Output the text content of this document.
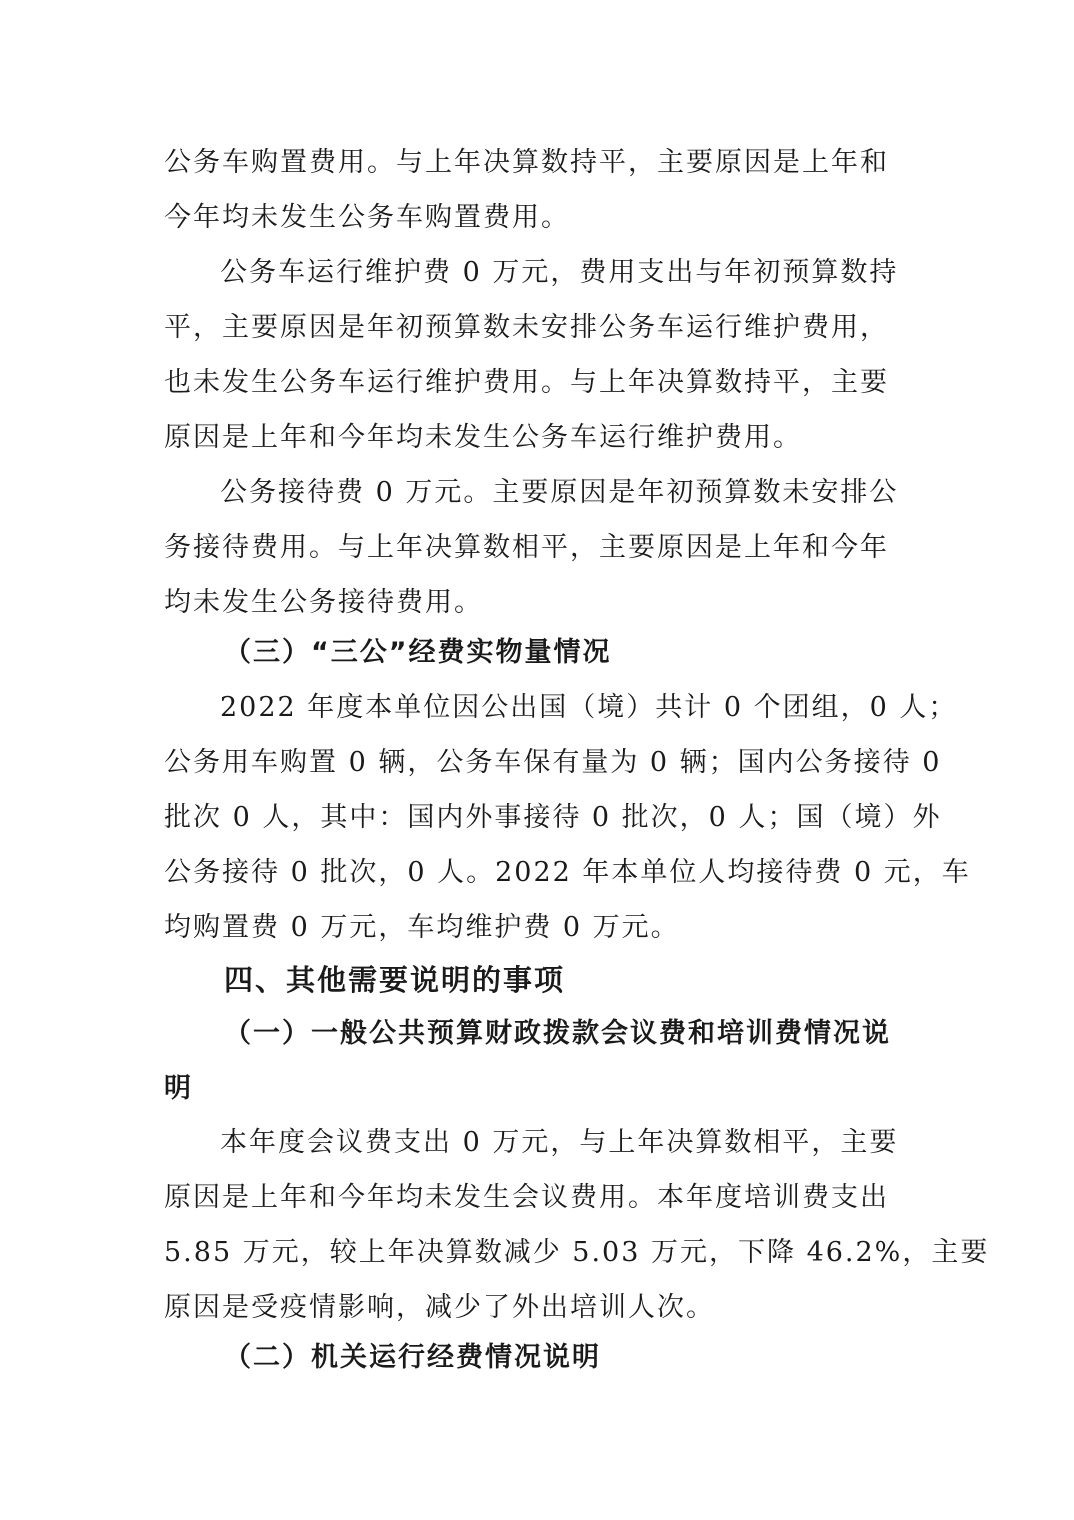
公务车购置费用。与上年决算数持平，主要原因是上年和
今年均未发生公务车购置费用。
公务车运行维护费 0 万元，费用支出与年初预算数持
平，主要原因是年初预算数未安排公务车运行维护费用，
也未发生公务车运行维护费用。与上年决算数持平，主要
原因是上年和今年均未发生公务车运行维护费用。
公务接待费 0 万元。主要原因是年初预算数未安排公
务接待费用。与上年决算数相平，主要原因是上年和今年
均未发生公务接待费用。
（三）“三公”经费实物量情况
2022 年度本单位因公出国（境）共计 0 个团组，0 人；
公务用车购置 0 辆，公务车保有量为 0 辆；国内公务接待 0
批次 0 人，其中：国内外事接待 0 批次，0 人；国（境）外
公务接待 0 批次，0 人。2022 年本单位人均接待费 0 元，车
均购置费 0 万元，车均维护费 0 万元。
四、其他需要说明的事项
（一）一般公共预算财政拨款会议费和培训费情况说
明
本年度会议费支出 0 万元，与上年决算数相平，主要
原因是上年和今年均未发生会议费用。本年度培训费支出
5.85 万元，较上年决算数减少 5.03 万元，下降 46.2%，主要
原因是受疫情影响，减少了外出培训人次。
（二）机关运行经费情况说明
